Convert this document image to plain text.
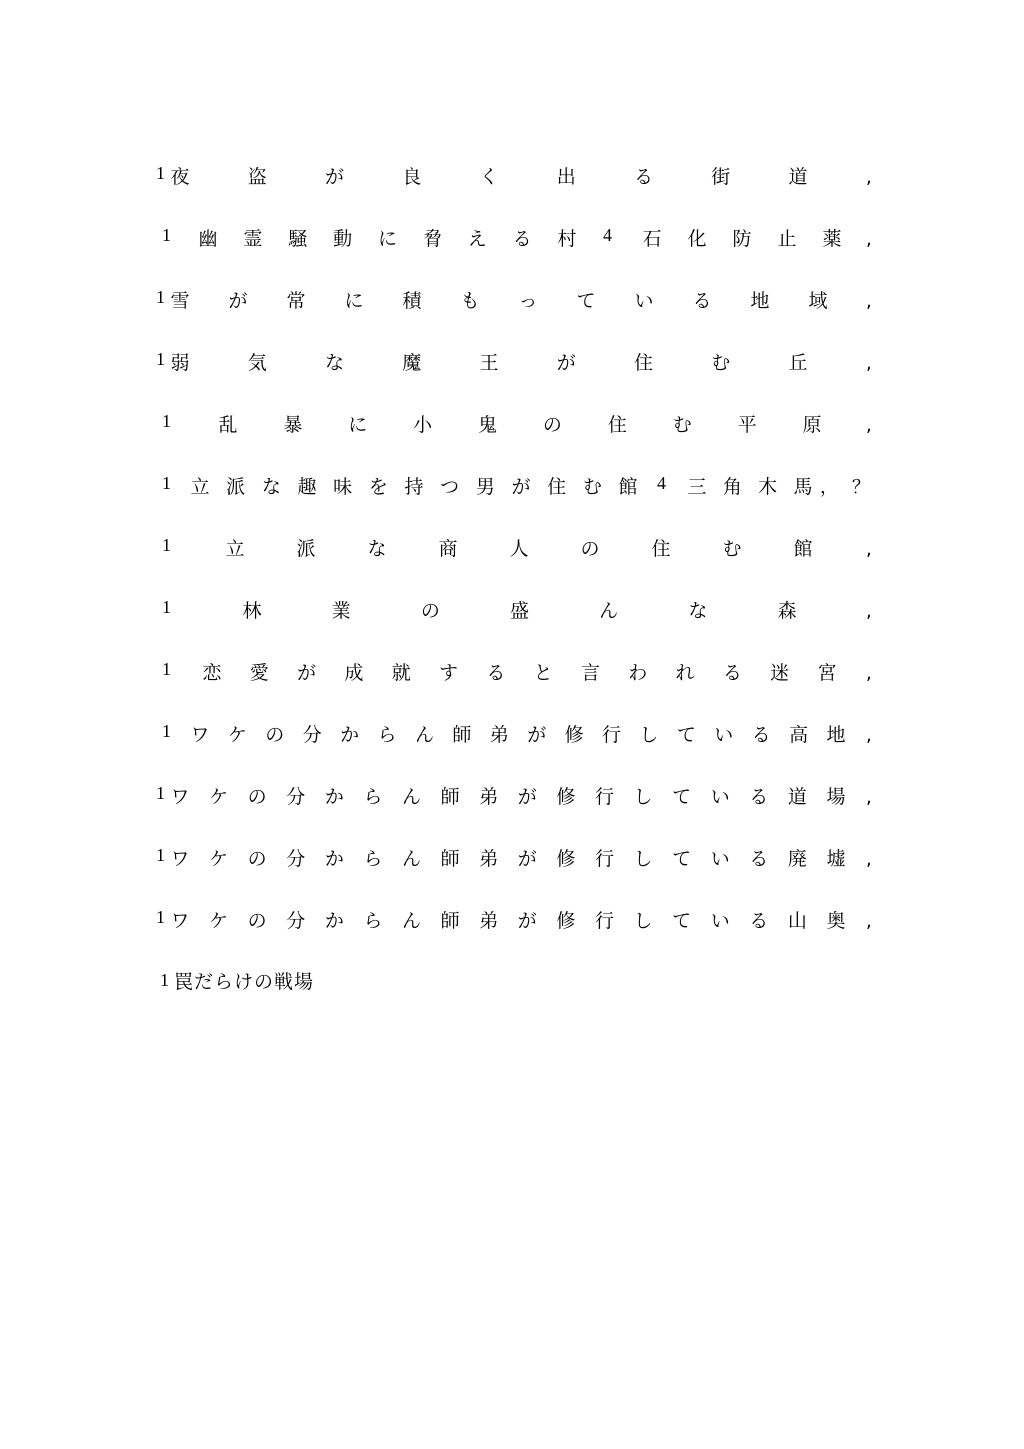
1 夜	盗	が	良	く	出	る	街	道	,
1 幽 霊 騒 動 に 脅 え る 村 4 石 化 防 止 薬 ,
1 雪 が 常 に 積 も っ て い る 地 域 ,
1 弱	気	な	魔	王	が	住	む	丘	,
1 乱 暴 に 小 鬼 の 住 む 平 原 ,
1 立 派 な 趣 味 を 持 つ 男 が 住 む 館 4 三 角 木 馬 ，？
1	立	派	な	商	人	の	住	む	館	,
1	林	業	の	盛	ん	な	森	,
1 恋 愛 が 成 就 す る と 言 わ れ る 迷 宮 ,
1 ワ ケ の 分 か ら ん 師 弟 が 修 行 し て い る 高 地 ,
1 ワ ケ の 分 か ら ん 師 弟 が 修 行 し て い る 道 場 ,
1 ワ ケ の 分 か ら ん 師 弟 が 修 行 し て い る 廃 墟 ,
1 ワ ケ の 分 か ら ん 師 弟 が 修 行 し て い る 山 奥 ,
1 罠だらけの戦場
